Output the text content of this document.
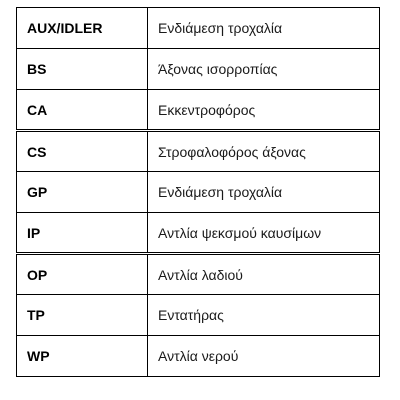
AUX/IDLER	Ενδιάμεση τροχαλία
BS	Άξονας ισορροπίας
CA	Εκκεντροφόρος
CS	Στροφαλοφόρος άξονας
GP	Ενδιάμεση τροχαλία
IP	Αντλία ψεκσμού καυσίμων
OP	Αντλία λαδιού
TP	Εντατήρας
WP	Αντλία νερού
